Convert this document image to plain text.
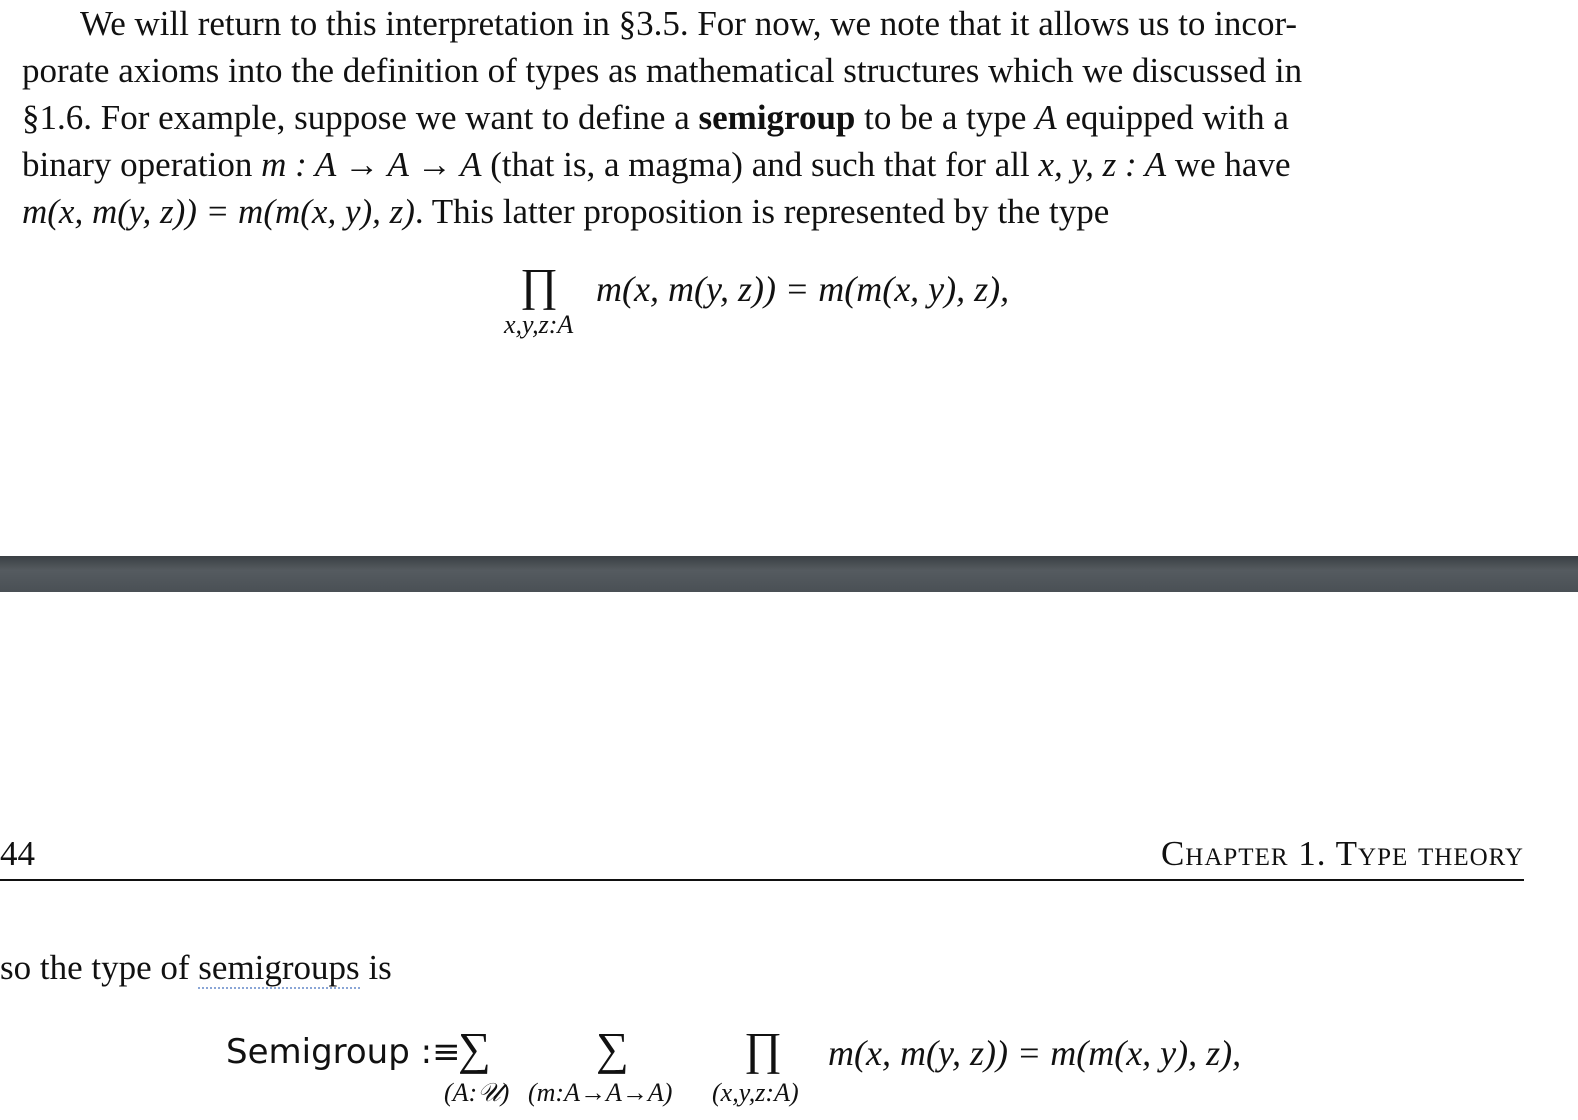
We will return to this interpretation in §3.5. For now, we note that it allows us to incor-
porate axioms into the definition of types as mathematical structures which we discussed in
§1.6. For example, suppose we want to define a semigroup to be a type A equipped with a
binary operation m : A → A → A (that is, a magma) and such that for all x, y, z : A we have
m(x, m(y, z)) = m(m(x, y), z). This latter proposition is represented by the type
∏
x,y,z:A
m(x, m(y, z)) = m(m(x, y), z),
44	Chapter 1. Type theory
so the type of semigroups is
Semigroup :≡
∑
(A:𝒰)
∑
(m:A→A→A)
∏
(x,y,z:A)
m(x, m(y, z)) = m(m(x, y), z),
